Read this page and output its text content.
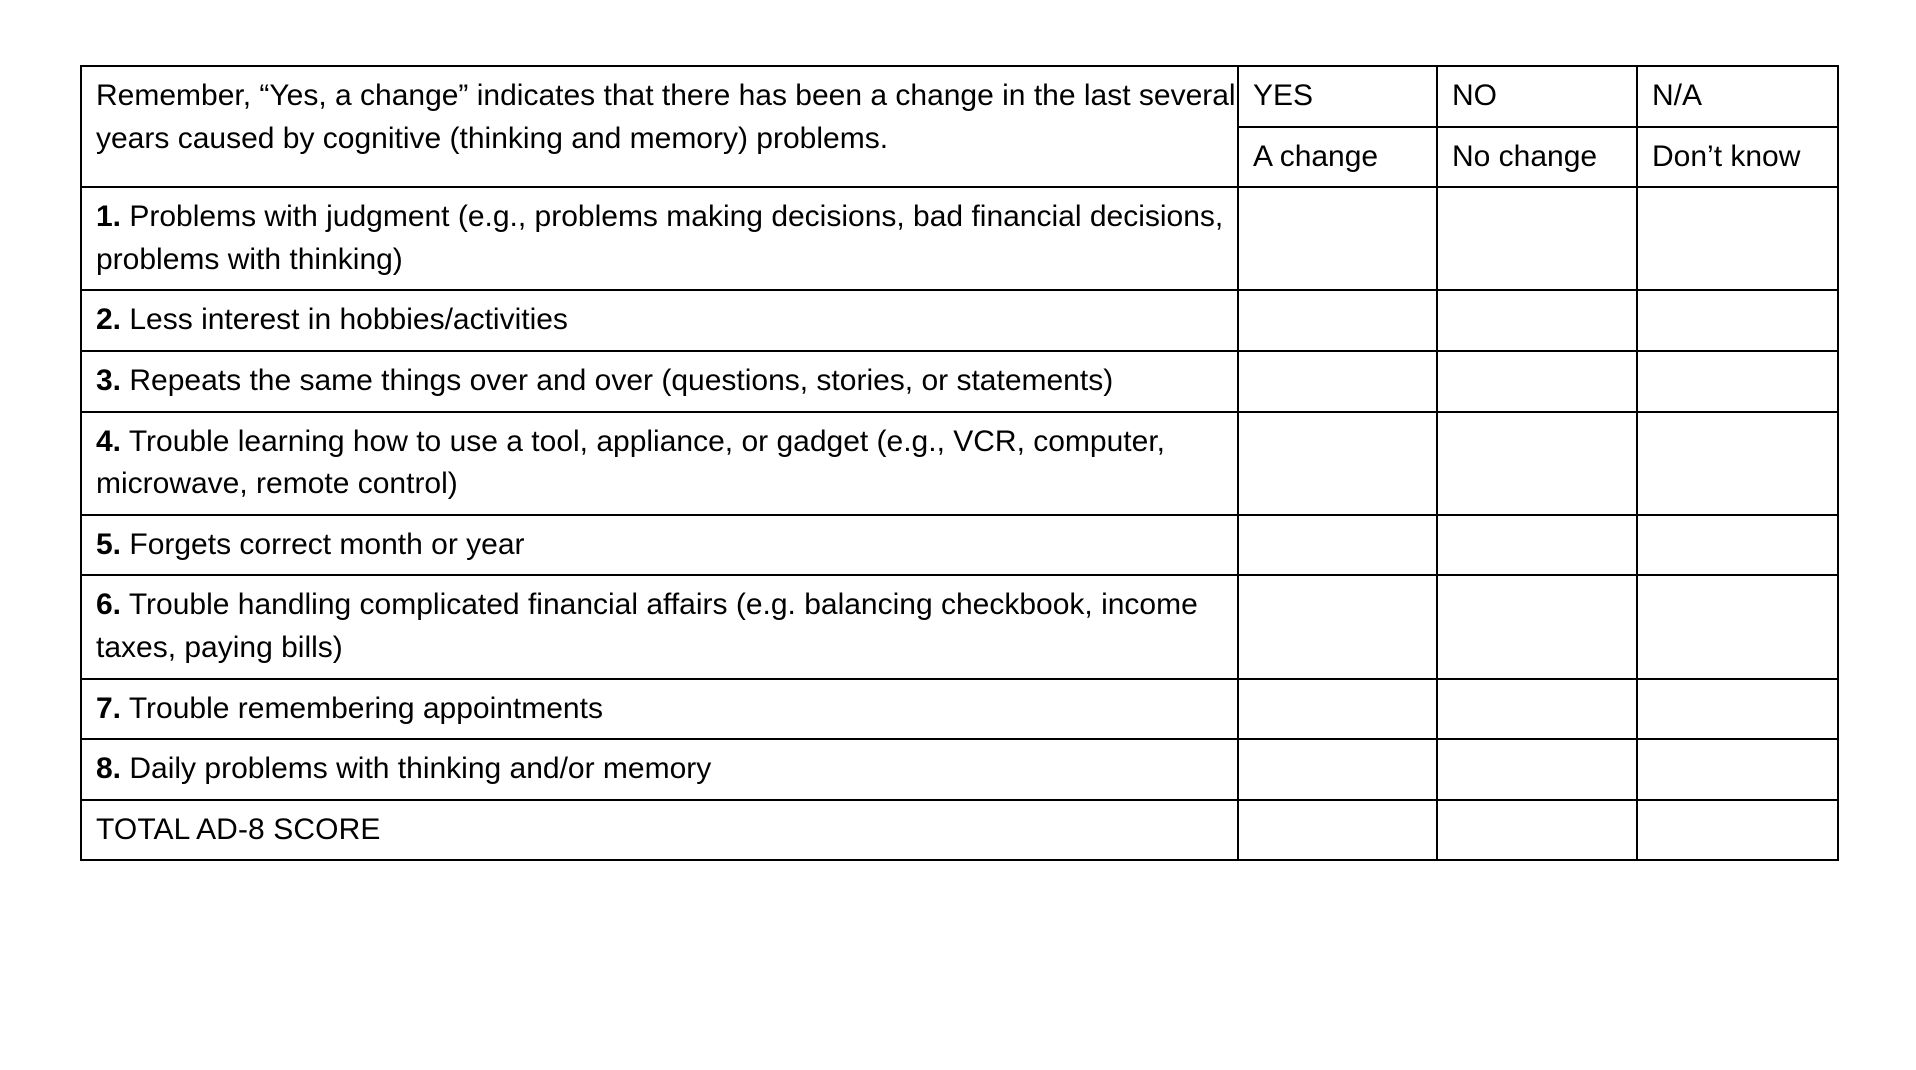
Remember, “Yes, a change” indicates that there has been a change in the last several years caused by cognitive (thinking and memory) problems.	YES	NO	N/A
	A change	No change	Don’t know
1. Problems with judgment (e.g., problems making decisions, bad financial decisions, problems with thinking)			
2. Less interest in hobbies/activities			
3. Repeats the same things over and over (questions, stories, or statements)			
4. Trouble learning how to use a tool, appliance, or gadget (e.g., VCR, computer, microwave, remote control)			
5. Forgets correct month or year			
6. Trouble handling complicated financial affairs (e.g. balancing checkbook, income taxes, paying bills)			
7. Trouble remembering appointments			
8. Daily problems with thinking and/or memory			
TOTAL AD-8 SCORE			
